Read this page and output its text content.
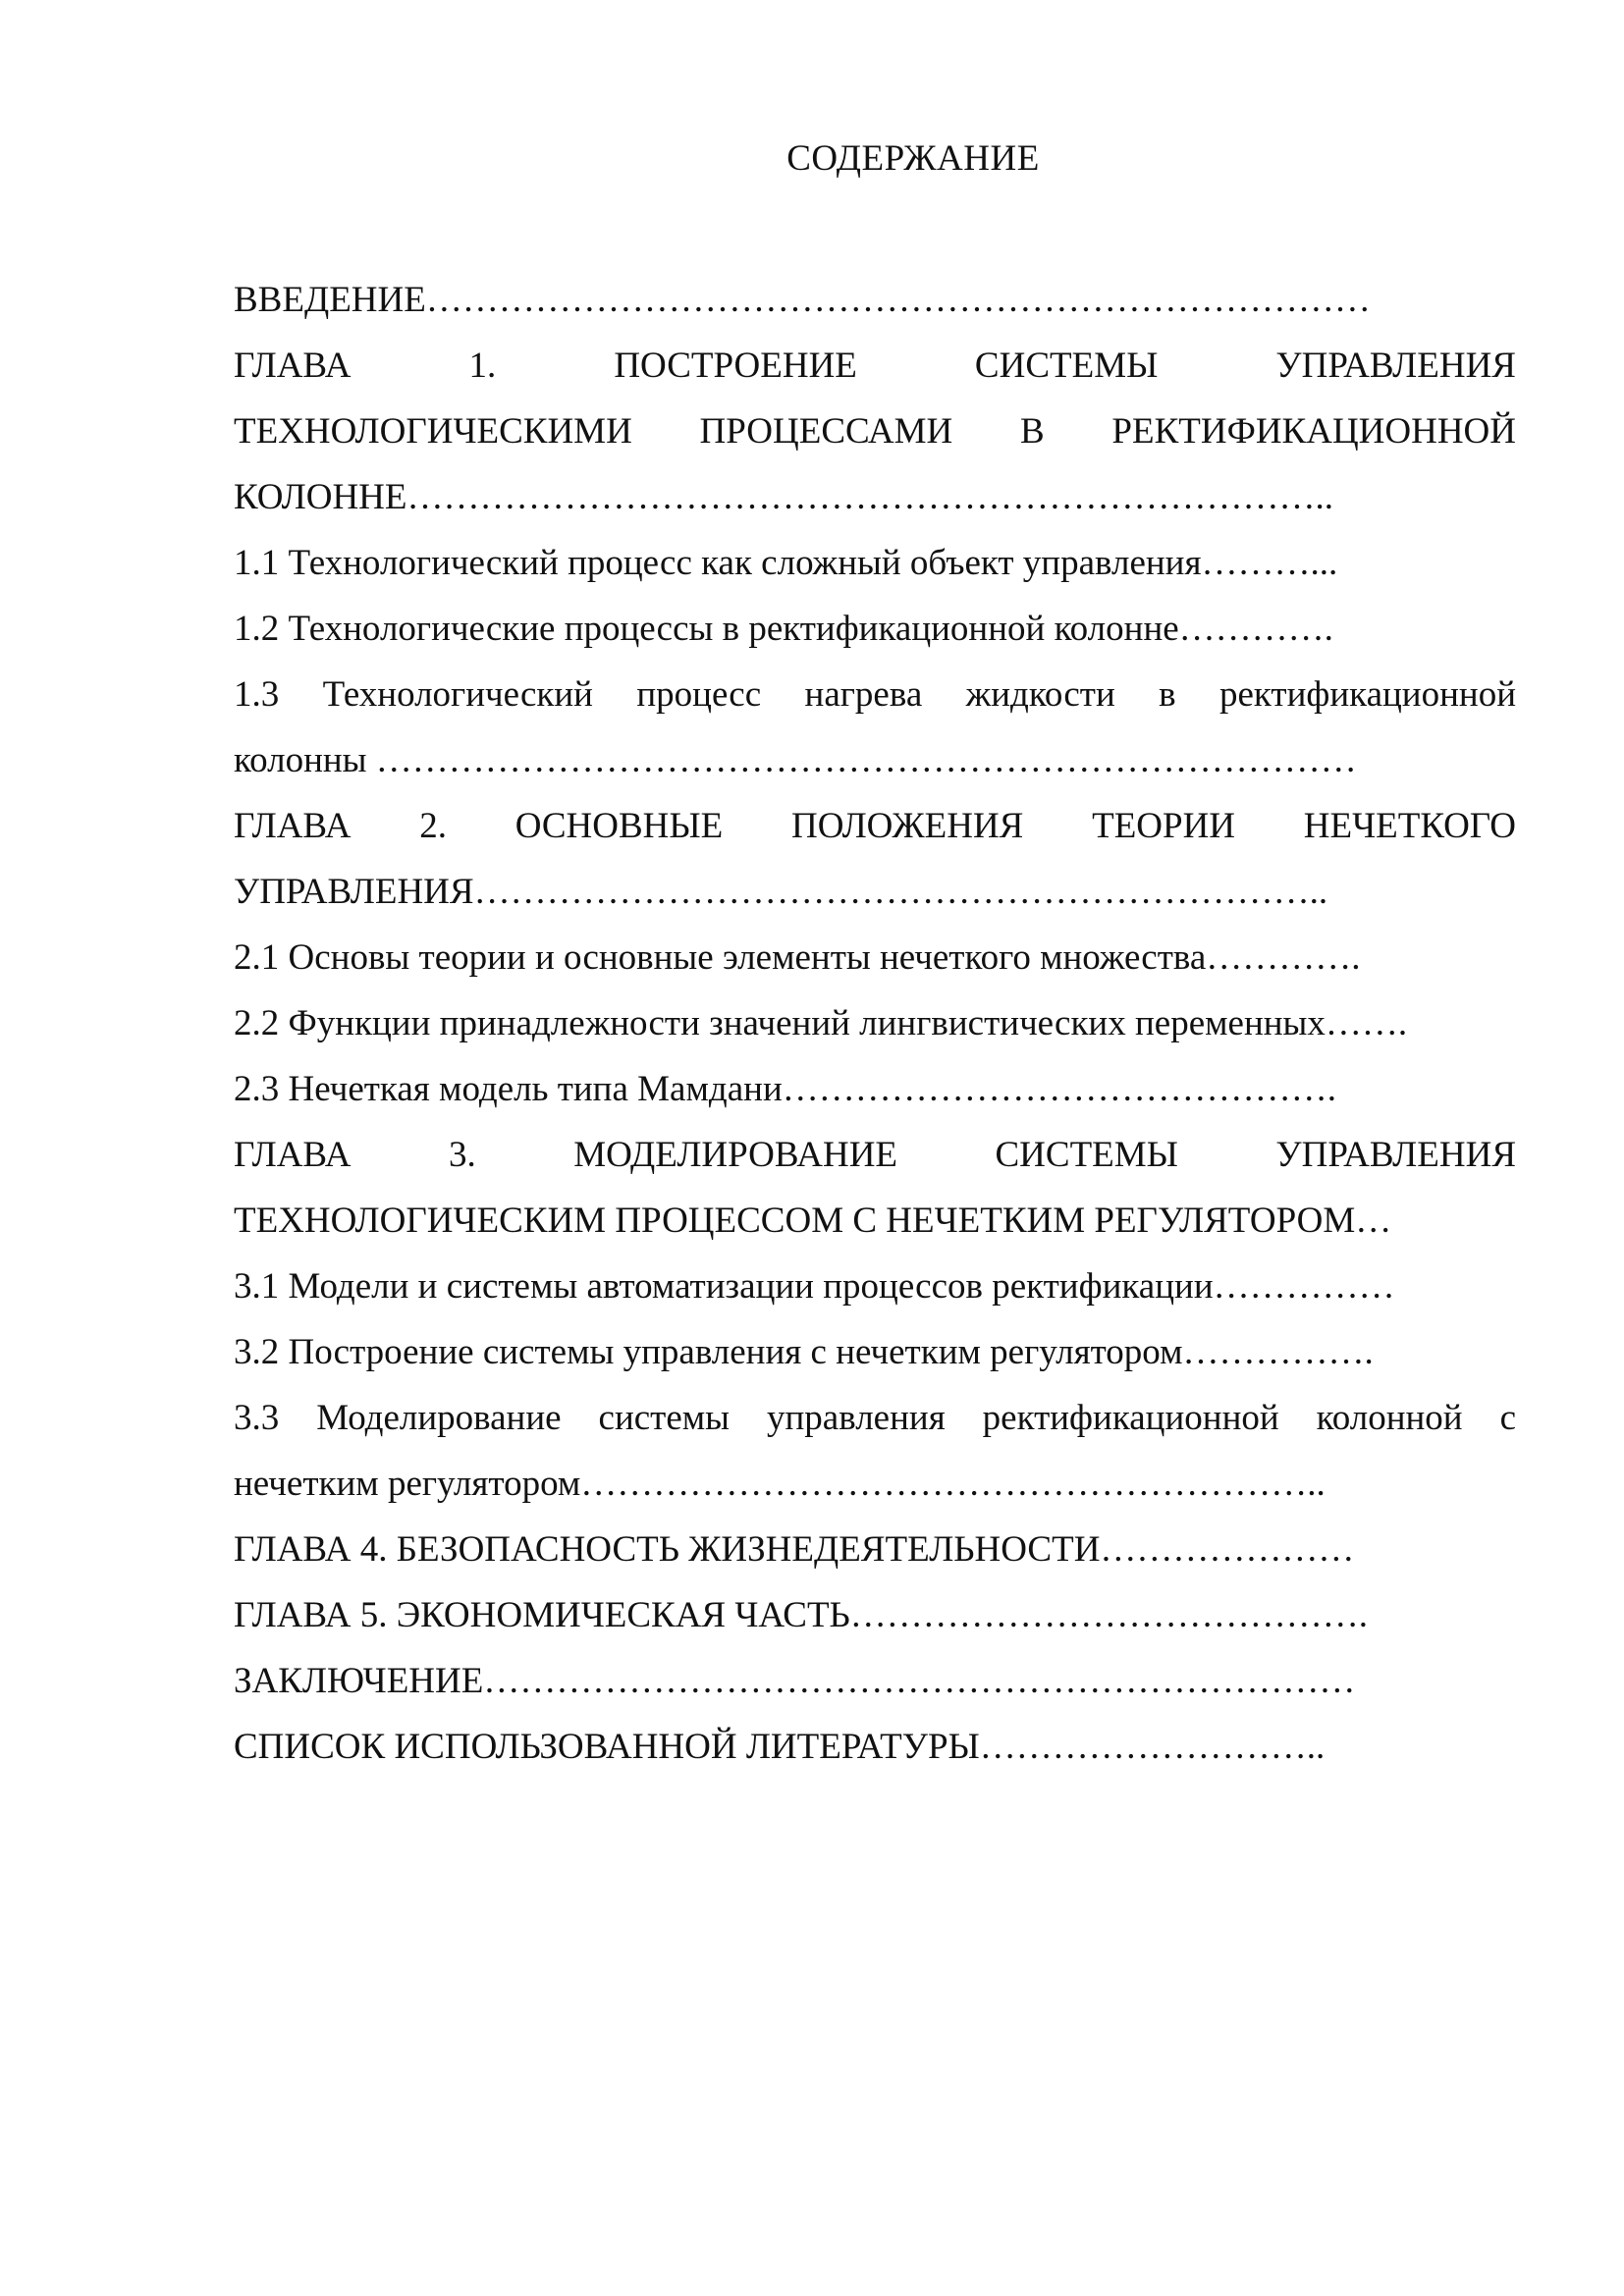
СОДЕРЖАНИЕ
ВВЕДЕНИЕ……………………………………………………………………
ГЛАВА 1. ПОСТРОЕНИЕ СИСТЕМЫ УПРАВЛЕНИЯ
ТЕХНОЛОГИЧЕСКИМИ ПРОЦЕССАМИ В РЕКТИФИКАЦИОННОЙ
КОЛОННЕ…………………………………………………………………..
1.1 Технологический процесс как сложный объект управления………...
1.2 Технологические процессы в ректификационной колонне………….
1.3 Технологический процесс нагрева жидкости в ректификационной
колонны ………………………………………………………………………
ГЛАВА 2. ОСНОВНЫЕ ПОЛОЖЕНИЯ ТЕОРИИ НЕЧЕТКОГО
УПРАВЛЕНИЯ……………………………………………………………..
2.1 Основы теории и основные элементы нечеткого множества………….
2.2 Функции принадлежности значений лингвистических переменных…….
2.3 Нечеткая модель типа Мамдани……………………………………….
ГЛАВА 3. МОДЕЛИРОВАНИЕ СИСТЕМЫ УПРАВЛЕНИЯ
ТЕХНОЛОГИЧЕСКИМ ПРОЦЕССОМ С НЕЧЕТКИМ РЕГУЛЯТОРОМ…
3.1 Модели и системы автоматизации процессов ректификации……………
3.2 Построение системы управления с нечетким регулятором…………….
3.3 Моделирование системы управления ректификационной колонной с
нечетким регулятором……………………………………………………..
ГЛАВА 4. БЕЗОПАСНОСТЬ ЖИЗНЕДЕЯТЕЛЬНОСТИ…………………
ГЛАВА 5. ЭКОНОМИЧЕСКАЯ ЧАСТЬ…………………………………….
ЗАКЛЮЧЕНИЕ………………………………………………………………
СПИСОК ИСПОЛЬЗОВАННОЙ ЛИТЕРАТУРЫ………………………..
